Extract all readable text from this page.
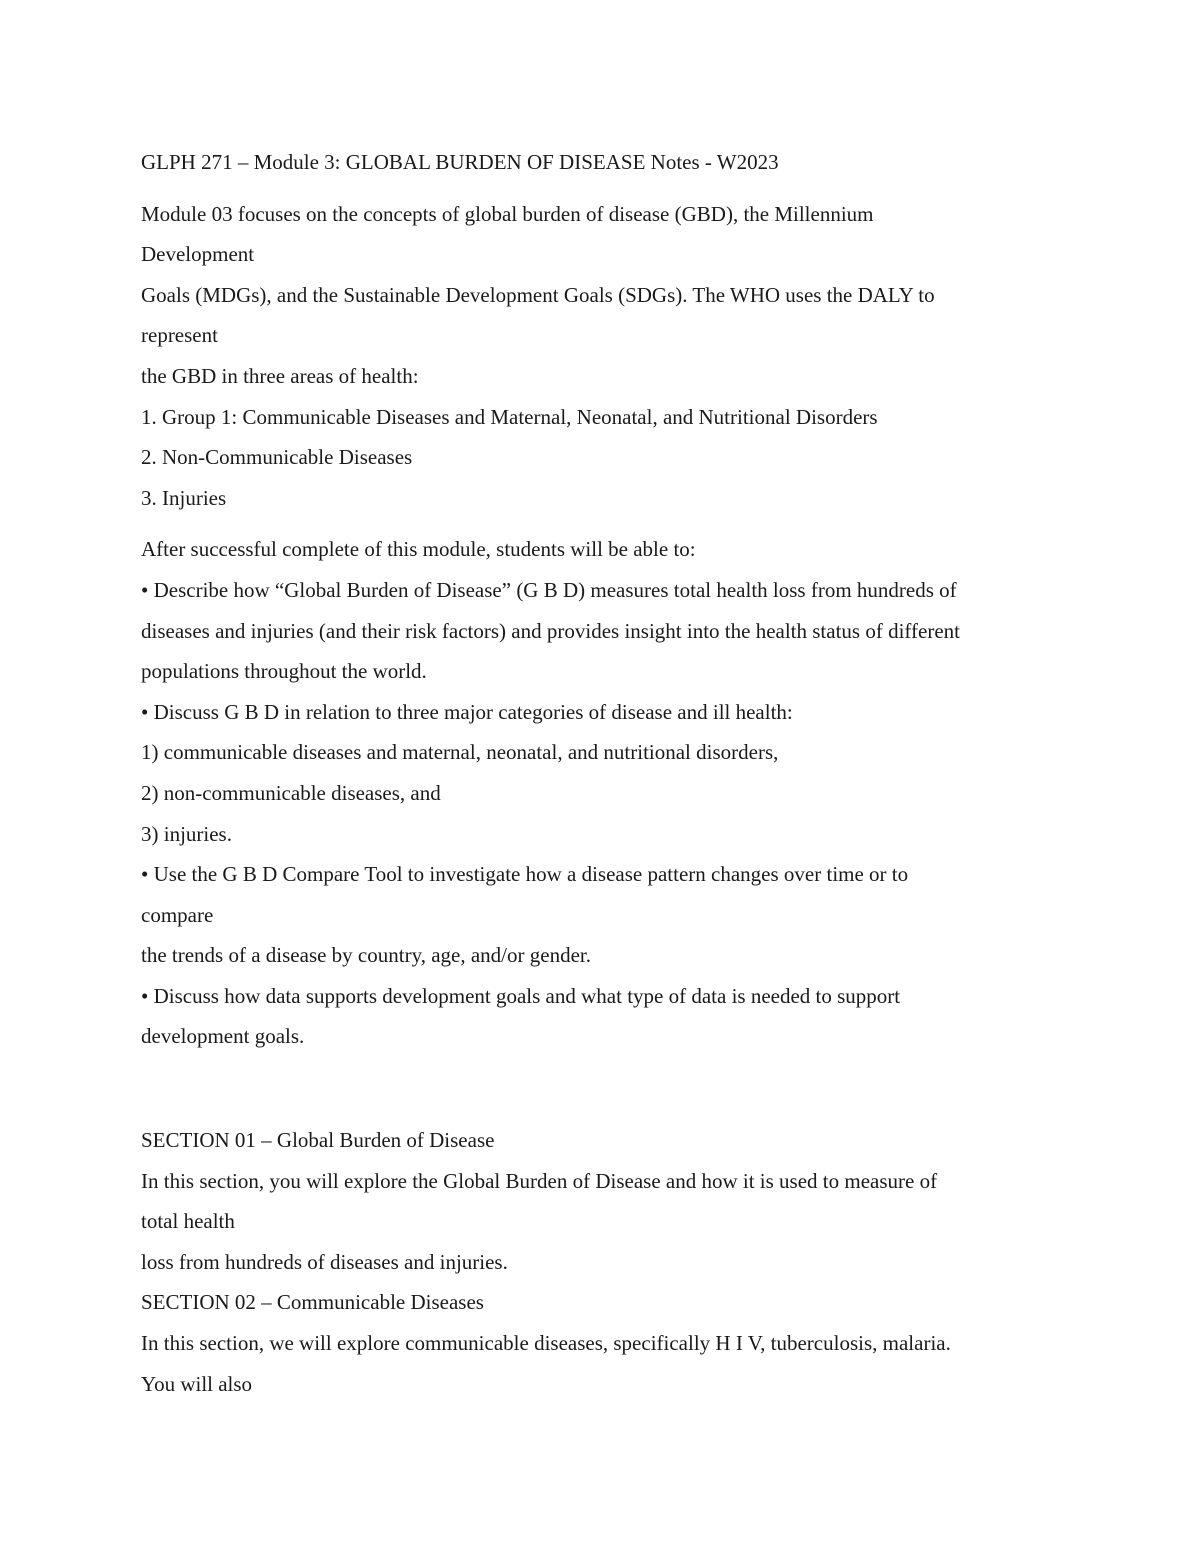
GLPH 271 – Module 3: GLOBAL BURDEN OF DISEASE Notes - W2023
Module 03 focuses on the concepts of global burden of disease (GBD), the Millennium
Development
Goals (MDGs), and the Sustainable Development Goals (SDGs). The WHO uses the DALY to
represent
the GBD in three areas of health:
1. Group 1: Communicable Diseases and Maternal, Neonatal, and Nutritional Disorders
2. Non-Communicable Diseases
3. Injuries
After successful complete of this module, students will be able to:
• Describe how “Global Burden of Disease” (G B D) measures total health loss from hundreds of
diseases and injuries (and their risk factors) and provides insight into the health status of different
populations throughout the world.
• Discuss G B D in relation to three major categories of disease and ill health:
1) communicable diseases and maternal, neonatal, and nutritional disorders,
2) non-communicable diseases, and
3) injuries.
• Use the G B D Compare Tool to investigate how a disease pattern changes over time or to
compare
the trends of a disease by country, age, and/or gender.
• Discuss how data supports development goals and what type of data is needed to support
development goals.
SECTION 01 – Global Burden of Disease
In this section, you will explore the Global Burden of Disease and how it is used to measure of
total health
loss from hundreds of diseases and injuries.
SECTION 02 – Communicable Diseases
In this section, we will explore communicable diseases, specifically H I V, tuberculosis, malaria.
You will also
